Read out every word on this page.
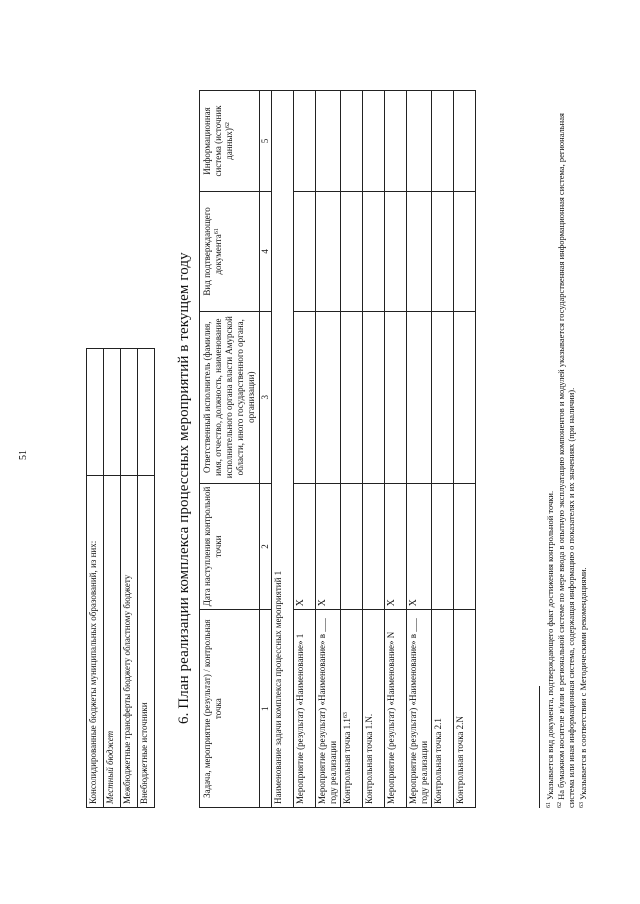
51
Консолидированные бюджеты муниципальных образований, из них:	
Местный бюджет	
Межбюджетные трансферты бюджету областному бюджету	
Внебюджетные источники	
6. План реализации комплекса процессных мероприятий в текущем году Задача, мероприятие (результат) / контрольная точка	Дата наступления контрольной точки	Ответственный исполнитель (фамилия, имя, отчество, должность, наименование исполнительного органа власти Амурской области, иного государственного органа, организации)	Вид подтверждающего документа$^{61}$	Информационная система (источник данных)$^{62}$
1	2	3	4	5
Наименование задачи комплекса процессных мероприятий 1				
Мероприятие (результат) «Наименование» 1	Х			
Мероприятие (результат) «Наименование» в ___ году реализации	Х			
Контрольная точка $1.1^{63}$				
Контрольная точка 1.N.				
Мероприятие (результат) «Наименование» N	Х			
Мероприятие (результат) «Наименование» в ___ году реализации	Х			
Контрольная точка 2.1				
Контрольная точка 2.N				
$^{61}$ Указывается вид документа, подтверждающего факт достижения контрольной точки.
$^{62}$ На бумажном носителе и/или в региональной системе по мере ввода в опытную эксплуатацию компонентов и модулей указывается государственная информационная система, региональная система или иная информационная система, содержащая информацию о показателях и их значениях (при наличии). $^{63}$ Указывается в соответствии с Методическими рекомендациями.
